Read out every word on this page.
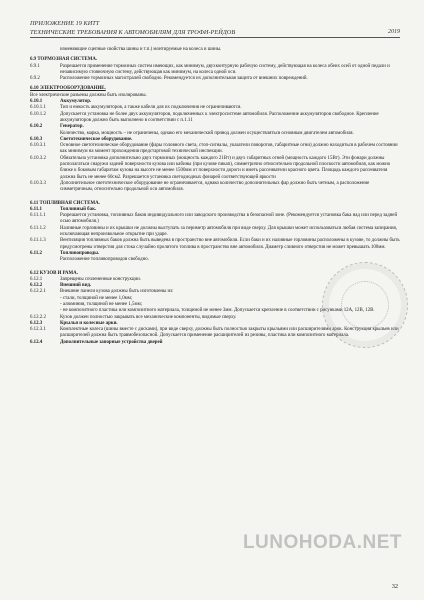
ПРИЛОЖЕНИЕ 19 КИТТ
ТЕХНИЧЕСКИЕ ТРЕБОВАНИЯ К АВТОМОБИЛЯМ ДЛЯ ТРОФИ-РЕЙДОВ	2019

изменяющие сцепные свойства шины и т.п.) монтируемые на колеса и шины.

6.9 ТОРМОЗНАЯ СИСТЕМА.
6.9.1	Разрешается применение тормозных систем имеющих, как минимум, двухконтурную рабочую систему, действующая на колеса обеих осей от одной педали и независимую стояночную систему, действующая как минимум, на колеса одной оси.
6.9.2	Расположение тормозных магистралей свободно. Рекомендуется их дополнительная защита от внешних повреждений.
6.10 ЭЛЕКТРООБОРУДОВАНИЕ.

Все электрические разъемы должны быть изолированы.

6.10.1	Аккумулятор.
6.10.1.1	Тип и емкость аккумуляторов, а также кабели для их подключения не ограничиваются.
6.10.1.2	Допускается установка не более двух аккумуляторов, подключенных к электросистеме автомобиля. Расположение аккумуляторов свободное. Крепление аккумуляторов должно быть выполнено в соответствии с п.1.11
6.10.2	Генератор.
Количество, марка, мощность – не ограничены, однако его механический привод должен осуществляться основным двигателем автомобиля.
6.10.3	Светотехническое оборудование.
6.10.3.1	Основное светотехническое оборудование (фары головного света, стоп-сигналы, указатели поворотов, габаритные огни) должно находиться в рабочем состоянии как минимум на момент прохождения предстартовой технической инспекции.
6.10.3.2	Обязательна установка дополнительно двух тормозных (мощность каждого 21Вт) и двух габаритных огней (мощность каждого 15Вт). Эти фонари должны располагаться снаружи задней поверхности кузова или кабины (при кузове пикап), симметрично относительно продольной плоскости автомобиля, как можно ближе к боковым габаритам кузова на высоте не менее 1500мм от поверхности дороги и иметь рассеиватели красного цвета. Площадь каждого рассеивателя должна быть не менее 60см2. Разрешается установка светодиодных фонарей соответствующей яркости
6.10.3.3	Дополнительное светотехническое оборудование не ограничивается, однако количество дополнительных фар должно быть четным, а расположение симметричным, относительно продольной оси автомобиля.
6.11 ТОПЛИВНАЯ СИСТЕМА.
6.11.1	Топливный бак.
6.11.1.1	Разрешается установка, топливных баков индивидуального или заводского производства в безопасной зоне. (Рекомендуется установка бака над или перед задней осью автомобиля.)
6.11.1.2	Наливные горловины и их крышки не должны выступать за периметр автомобиля при виде сверху. Для крышки может использоваться любая система запирания, исключающая непроизвольное открытие при ударе.
6.11.1.3	Вентиляция топливных баков должна быть выведена в пространство вне автомобиля. Если баки и их наливные горловины расположены в кузове, то должны быть предусмотрены отверстия для стока случайно пролитого топлива в пространство вне автомобиля. Диаметр сливного отверстия не может превышать 100мм.
6.11.2	Топливопроводы.
Расположение топливопроводов свободно.
6.12 КУЗОВ И РАМА.
6.12.1	Запрещены сочлененные конструкции.
6.12.2	Внешний вид.
6.12.2.1	Внешние панели кузова должны быть изготовлены из:
- стали, толщиной не менее 1,0мм;
- алюминия, толщиной не менее 1,5мм;
- не композитного пластика или композитного материала, толщиной не менее 3мм. Допускается крепление в соответствии с рисунками 12А, 12В, 12В.
6.12.2.2	Кузов должен полностью закрывать все механические компоненты, видимые сверху.
6.12.3	Крылья и колесные арки.
6.12.3.1	Комплектные колеса (шины вместе с дисками), при виде сверху, должны быть полностью закрыты крыльями или расширителями арок. Конструкция крыльев или расширителей должна быть травмобезопасной. Допускается применение расширителей из резины, пластика или композитного материала.
6.12.4	Дополнительные запорные устройства дверей
LUNOHODA.NET
32
